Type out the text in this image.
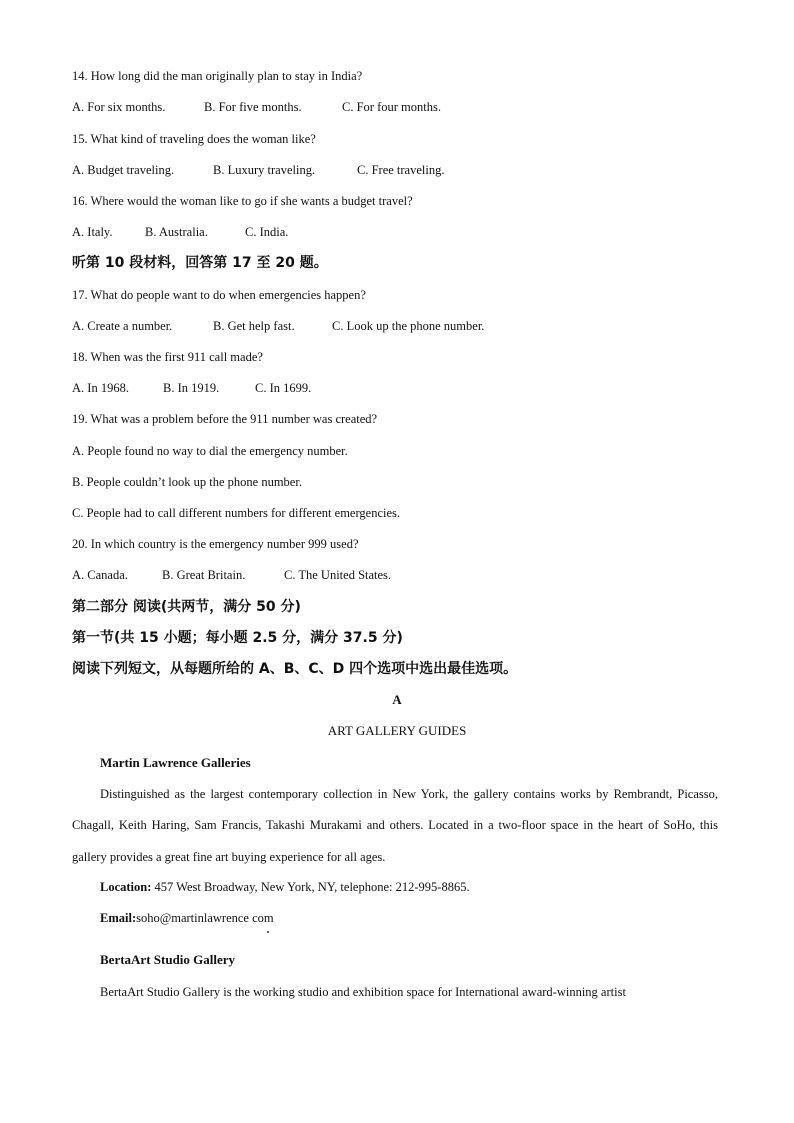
14. How long did the man originally plan to stay in India?
A. For six months.	B. For five months.	C. For four months.
15. What kind of traveling does the woman like?
A. Budget traveling.	B. Luxury traveling.	C. Free traveling.
16. Where would the woman like to go if she wants a budget travel?
A. Italy.	B. Australia.	C. India.
听第 10 段材料，回答第 17 至 20 题。
17. What do people want to do when emergencies happen?
A. Create a number.	B. Get help fast.	C. Look up the phone number.
18. When was the first 911 call made?
A. In 1968.	B. In 1919.	C. In 1699.
19. What was a problem before the 911 number was created?
A. People found no way to dial the emergency number.
B. People couldn’t look up the phone number.
C. People had to call different numbers for different emergencies.
20. In which country is the emergency number 999 used?
A. Canada.	B. Great Britain.	C. The United States.
第二部分 阅读(共两节，满分 50 分)
第一节(共 15 小题；每小题 2.5 分，满分 37.5 分)
阅读下列短文，从每题所给的 A、B、C、D 四个选项中选出最佳选项。
A
ART GALLERY GUIDES
Martin Lawrence Galleries
Distinguished as the largest contemporary collection in New York, the gallery contains works by Rembrandt, Picasso, Chagall, Keith Haring, Sam Francis, Takashi Murakami and others. Located in a two-floor space in the heart of SoHo, this gallery provides a great fine art buying experience for all ages.
Location: 457 West Broadway, New York, NY, telephone: 212-995-8865.
Email:soho@martinlawrence com
BertaArt Studio Gallery
BertaArt Studio Gallery is the working studio and exhibition space for International award-winning artist
